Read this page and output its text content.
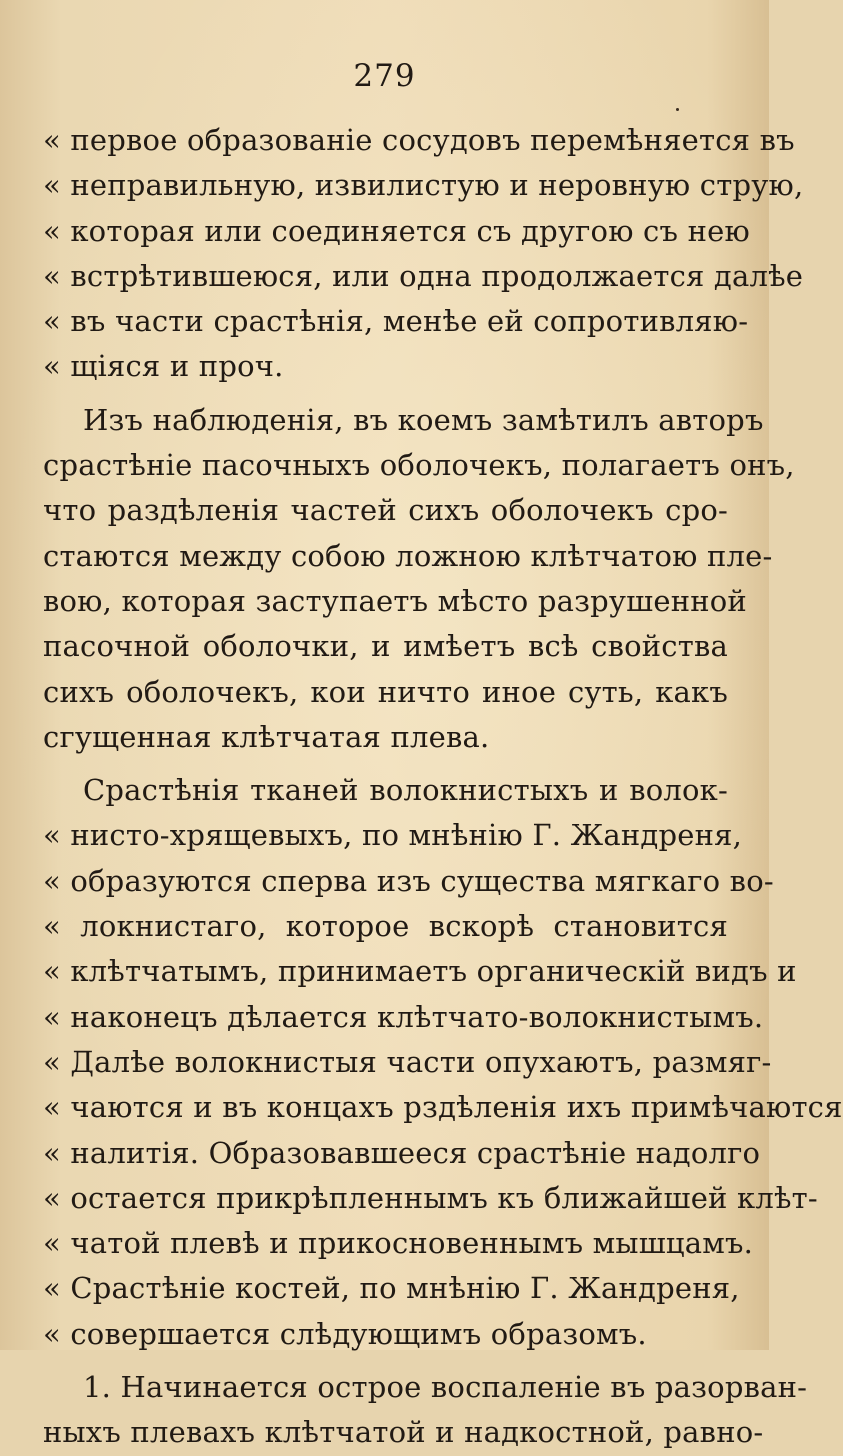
279
« первое образованіе сосудовъ перемѣняется въ
« неправильную, извилистую и неровную струю,
« которая или соединяется съ другою съ нею
« встрѣтившеюся, или одна продолжается далѣе
« въ части срастѣнія, менѣе ей сопротивляю-
« щіяся и проч.
Изъ наблюденія, въ коемъ замѣтилъ авторъ
срастѣніе пасочныхъ оболочекъ, полагаетъ онъ,
что раздѣленія частей сихъ оболочекъ сро-
стаются между собою ложною клѣтчатою пле-
вою, которая заступаетъ мѣсто разрушенной
пасочной оболочки, и имѣетъ всѣ свойства
сихъ оболочекъ, кои ничто иное суть, какъ
сгущенная клѣтчатая плева.
Срастѣнія тканей волокнистыхъ и волок-
« нисто-хрящевыхъ, по мнѣнію Г. Жандреня,
« образуются сперва изъ существа мягкаго во-
« локнистаго, которое вскорѣ становится
« клѣтчатымъ, принимаетъ органическій видъ и
« наконецъ дѣлается клѣтчато-волокнистымъ.
« Далѣе волокнистыя части опухаютъ, размяг-
« чаются и въ концахъ рздѣленія ихъ примѣчаются
« налитія. Образовавшееся срастѣніе надолго
« остается прикрѣпленнымъ къ ближайшей клѣт-
« чатой плевѣ и прикосновеннымъ мышцамъ.
« Срастѣніе костей, по мнѣнію Г. Жандреня,
« совершается слѣдующимъ образомъ.
1. Начинается острое воспаленіе въ разорван-
ныхъ плевахъ клѣтчатой и надкостной, равно-
